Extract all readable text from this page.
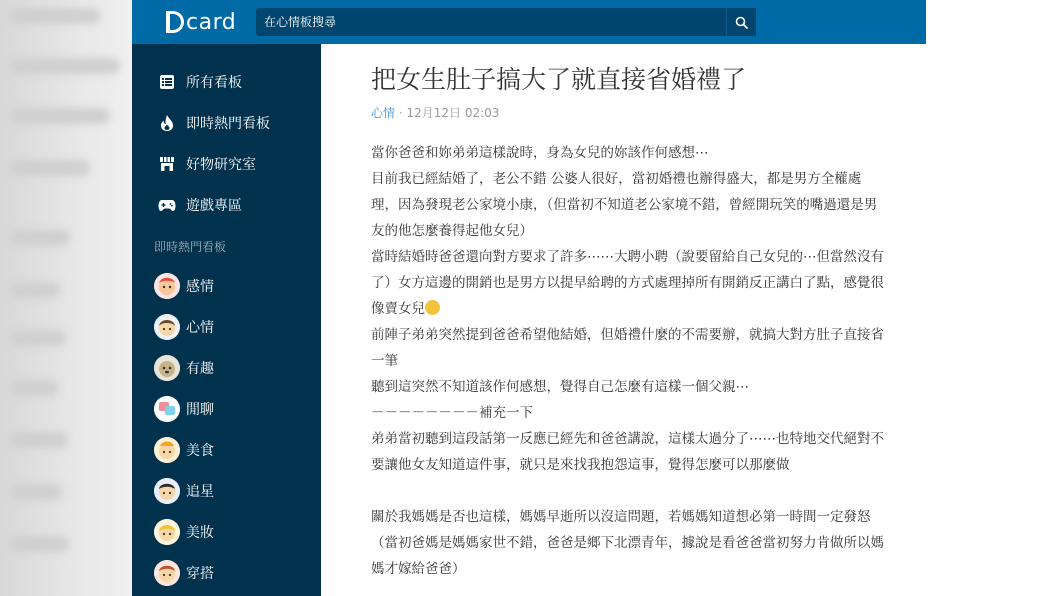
card	在心情板搜尋
所有看板
即時熱門看板
好物研究室
遊戲專區
即時熱門看板
感情
心情
有趣
閒聊
美食
追星
美妝
穿搭
把女生肚子搞大了就直接省婚禮了
心情 · 12月12日 02:03

當你爸爸和妳弟弟這樣說時，身為女兒的妳該作何感想⋯

目前我已經結婚了，老公不錯 公婆人很好，當初婚禮也辦得盛大，都是男方全權處

理，因為發現老公家境小康，（但當初不知道老公家境不錯，曾經開玩笑的嘴過還是男

友的他怎麼養得起他女兒）

當時結婚時爸爸還向對方要求了許多⋯⋯大聘小聘（說要留給自己女兒的⋯但當然沒有

了）女方這邊的開銷也是男方以提早給聘的方式處理掉所有開銷反正講白了點，感覺很

像賣女兒

前陣子弟弟突然提到爸爸希望他結婚，但婚禮什麼的不需要辦，就搞大對方肚子直接省

一筆

聽到這突然不知道該作何感想，覺得自己怎麼有這樣一個父親⋯

－－－－－－－－補充一下

弟弟當初聽到這段話第一反應已經先和爸爸講說，這樣太過分了⋯⋯也特地交代絕對不

要讓他女友知道這件事，就只是來找我抱怨這事，覺得怎麼可以那麼做

關於我媽媽是否也這樣，媽媽早逝所以沒這問題，若媽媽知道想必第一時間一定發怒

（當初爸媽是媽媽家世不錯，爸爸是鄉下北漂青年，據說是看爸爸當初努力肯做所以媽

媽才嫁給爸爸）
